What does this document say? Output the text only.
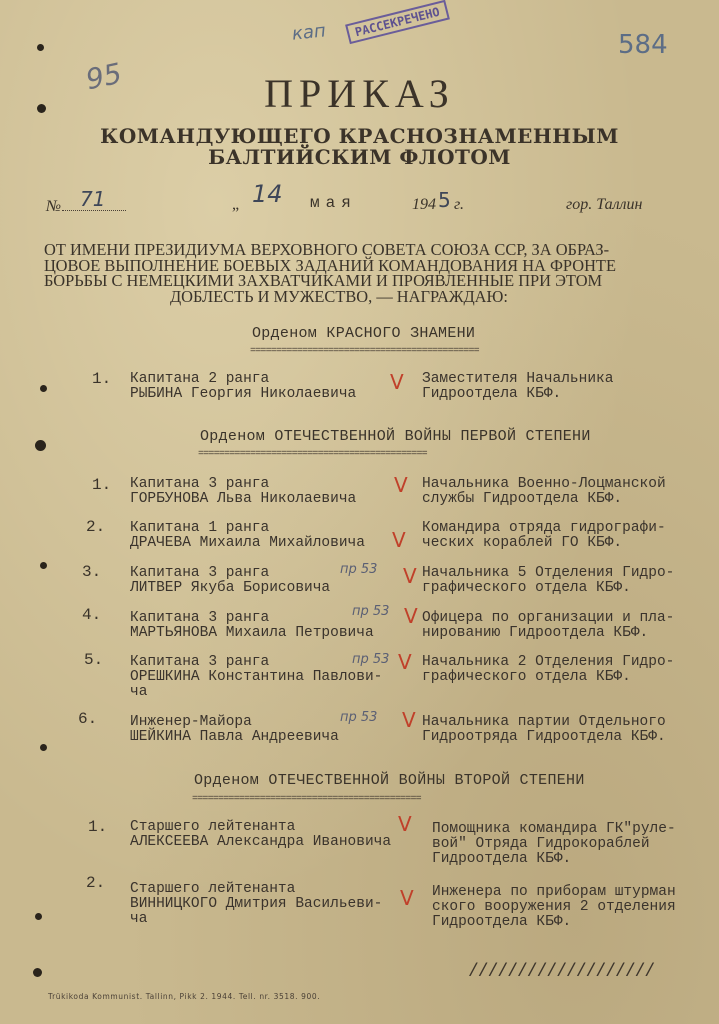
кап	РАССЕКРЕЧЕНО
584
95	ПРИКАЗ
КОМАНДУЮЩЕГО КРАСНОЗНАМЕННЫМ
БАЛТИЙСКИМ ФЛОТОМ
№ 71	„ 14 мая	194 5 г.	гор. Таллин
ОТ ИМЕНИ ПРЕЗИДИУМА ВЕРХОВНОГО СОВЕТА СОЮЗА ССР, ЗА ОБРАЗ-
ЦОВОЕ ВЫПОЛНЕНИЕ БОЕВЫХ ЗАДАНИЙ КОМАНДОВАНИЯ НА ФРОНТЕ
БОРЬБЫ С НЕМЕЦКИМИ ЗАХВАТЧИКАМИ И ПРОЯВЛЕННЫЕ ПРИ ЭТОМ
ДОБЛЕСТЬ И МУЖЕСТВО, — НАГРАЖДАЮ:
Орденом КРАСНОГО ЗНАМЕНИ
============================================
1. Капитана 2 ранга
РЫБИНА Георгия Николаевича V Заместителя Начальника
Гидроотдела КБФ.
Орденом ОТЕЧЕСТВЕННОЙ ВОЙНЫ ПЕРВОЙ СТЕПЕНИ
============================================
1. Капитана 3 ранга
ГОРБУНОВА Льва Николаевича
V Начальника Военно-Лоцманской
службы Гидроотдела КБФ.
2. Капитана 1 ранга
ДРАЧЕВА Михаила Михайловича V Командира отряда гидрографи-
ческих кораблей ГО КБФ.
3. Капитана 3 ранга
ЛИТВЕР Якуба Борисовича
пр 53 V Начальника 5 Отделения Гидро-
графического отдела КБФ.
4. Капитана 3 ранга
МАРТЬЯНОВА Михаила Петровича
пр 53 V Офицера по организации и пла-
нированию Гидроотдела КБФ.
5. Капитана 3 ранга
ОРЕШКИНА Константина Павлови-
ча
пр 53 V Начальника 2 Отделения Гидро-
графического отдела КБФ.
6. Инженер-Майора
ШЕЙКИНА Павла Андреевича
пр 53 V Начальника партии Отдельного
Гидроотряда Гидроотдела КБФ.
Орденом ОТЕЧЕСТВЕННОЙ ВОЙНЫ ВТОРОЙ СТЕПЕНИ
============================================
1. Старшего лейтенанта
АЛЕКСЕЕВА Александра Ивановича
V Помощника командира ГК"руле-
вой" Отряда Гидрокораблей
Гидроотдела КБФ.
2. Старшего лейтенанта
ВИННИЦКОГО Дмитрия Васильеви-
ча
V Инженера по приборам штурман
ского вооружения 2 отделения
Гидроотдела КБФ.
///////////////////
Trükikoda Kommunist. Tallinn, Pikk 2. 1944. Tell. nr. 3518. 900.
